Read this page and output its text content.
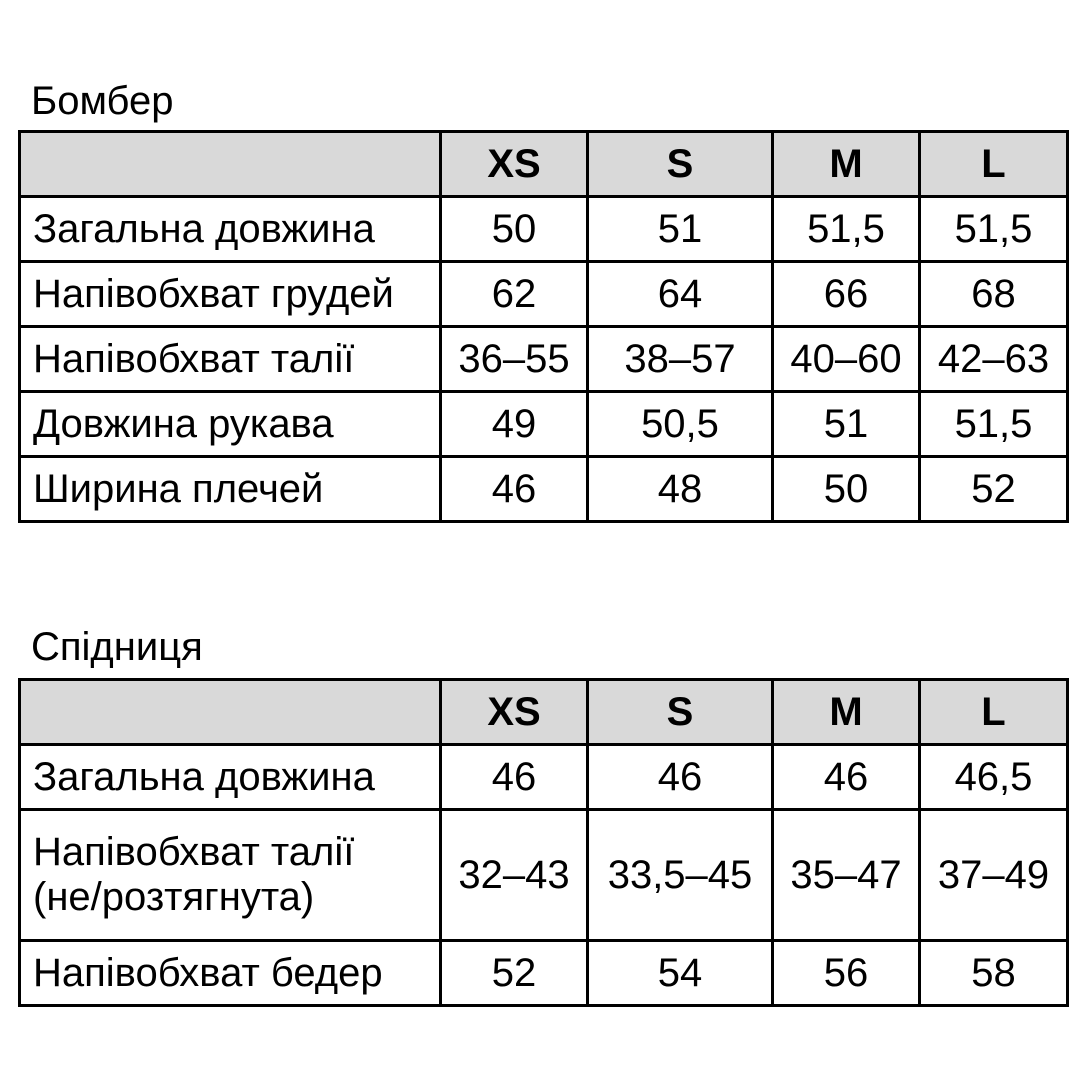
Бомбер
	XS	S	M	L
Загальна довжина	50	51	51,5	51,5
Напівобхват грудей	62	64	66	68
Напівобхват талії	36–55	38–57	40–60	42–63
Довжина рукава	49	50,5	51	51,5
Ширина плечей	46	48	50	52
Спідниця
	XS	S	M	L
Загальна довжина	46	46	46	46,5

Напівобхват талії
(не/розтягнута)	32–43	33,5–45	35–47	37–49
Напівобхват бедер	52	54	56	58
